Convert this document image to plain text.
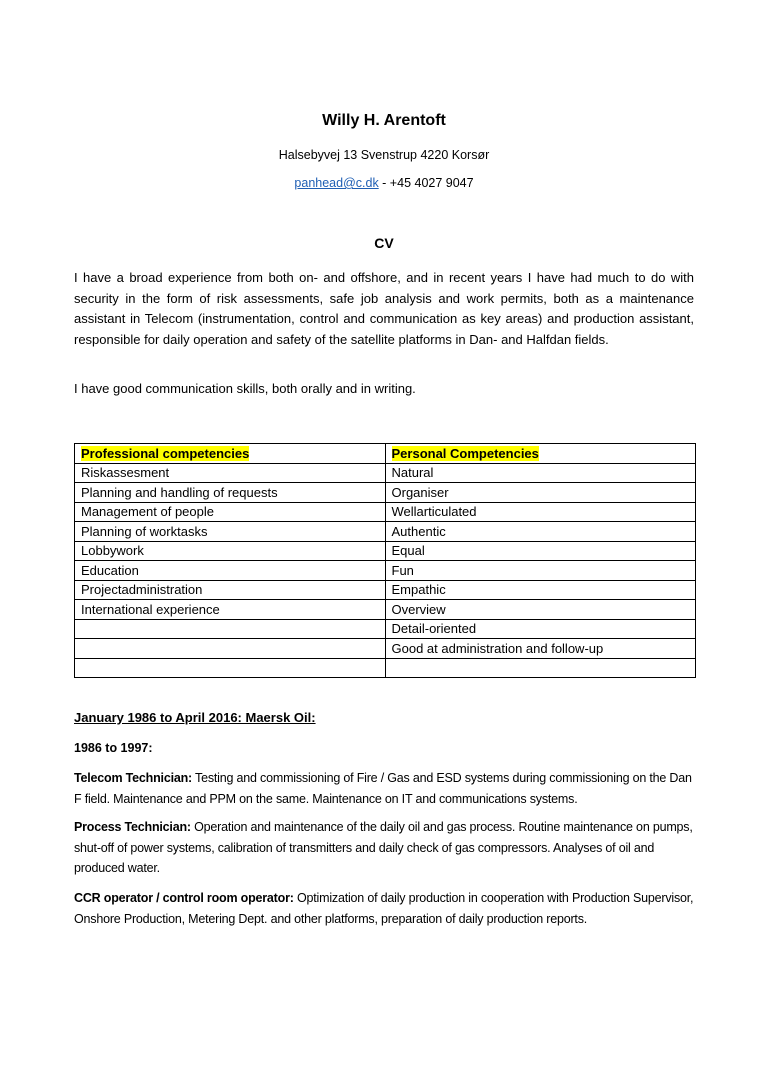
Willy H. Arentoft
Halsebyvej 13 Svenstrup 4220 Korsør
panhead@c.dk - +45 4027 9047
CV
I have a broad experience from both on- and offshore, and in recent years I have had much to do with security in the form of risk assessments, safe job analysis and work permits, both as a maintenance assistant in Telecom (instrumentation, control and communication as key areas) and production assistant, responsible for daily operation and safety of the satellite platforms in Dan- and Halfdan fields.
I have good communication skills, both orally and in writing.
Professional competencies	Personal Competencies
Riskassesment	Natural
Planning and handling of requests	Organiser
Management of people	Wellarticulated
Planning of worktasks	Authentic
Lobbywork	Equal
Education	Fun
Projectadministration	Empathic
International experience	Overview
	Detail-oriented
	Good at administration and follow-up

January 1986 to April 2016: Maersk Oil:
1986 to 1997:
Telecom Technician: Testing and commissioning of Fire / Gas and ESD systems during commissioning on the Dan F field. Maintenance and PPM on the same. Maintenance on IT and communications systems.
Process Technician: Operation and maintenance of the daily oil and gas process. Routine maintenance on pumps, shut-off of power systems, calibration of transmitters and daily check of gas compressors. Analyses of oil and produced water.
CCR operator / control room operator: Optimization of daily production in cooperation with Production Supervisor, Onshore Production, Metering Dept. and other platforms, preparation of daily production reports.
